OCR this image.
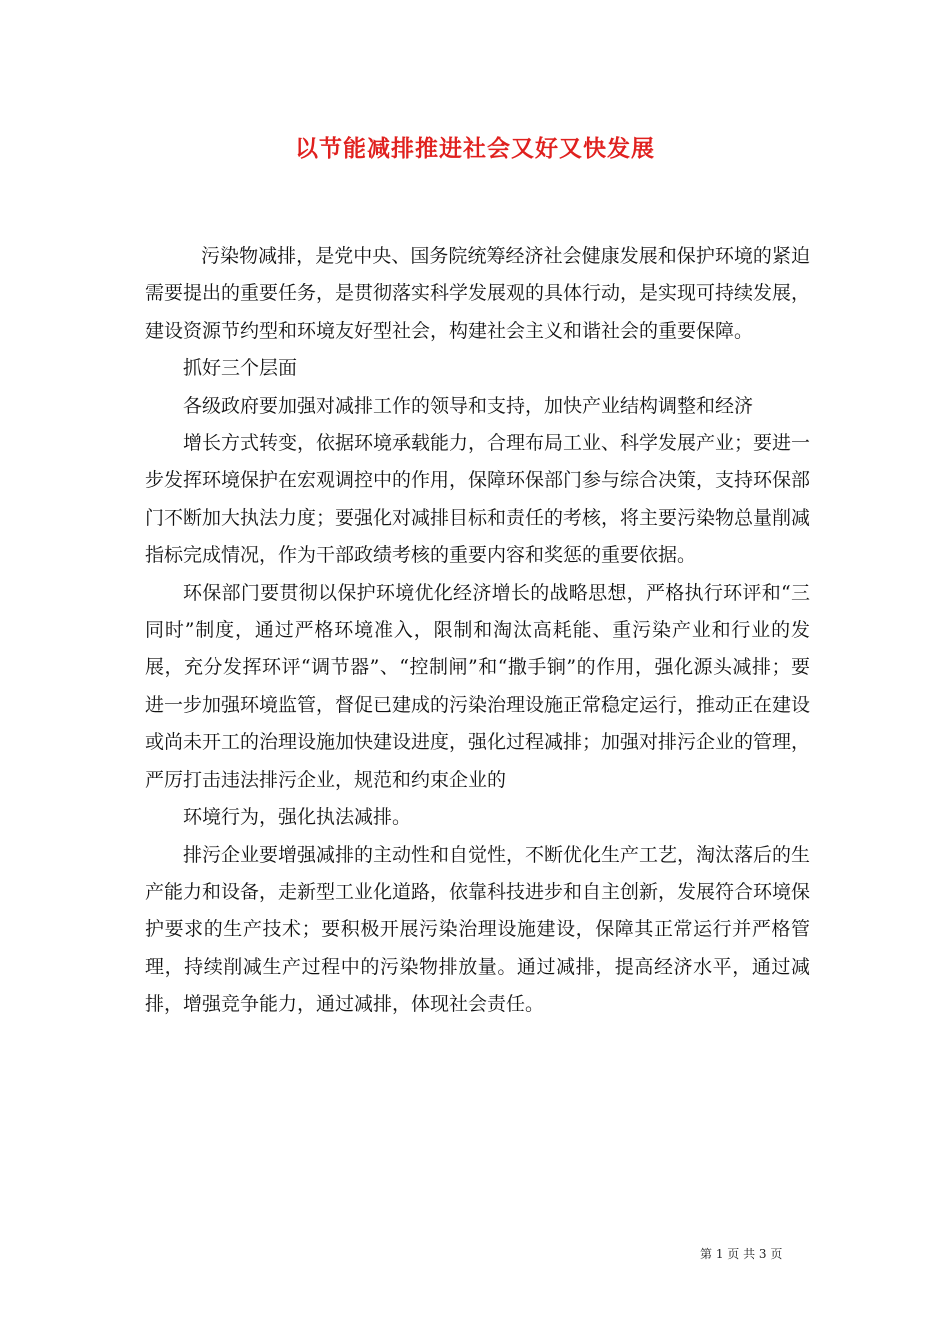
以节能减排推进社会又好又快发展

污染物减排，是党中央、国务院统筹经济社会健康发展和保护环境的紧迫需要提出的重要任务，是贯彻落实科学发展观的具体行动，是实现可持续发展，建设资源节约型和环境友好型社会，构建社会主义和谐社会的重要保障。

抓好三个层面

各级政府要加强对减排工作的领导和支持，加快产业结构调整和经济

增长方式转变，依据环境承载能力，合理布局工业、科学发展产业；要进一步发挥环境保护在宏观调控中的作用，保障环保部门参与综合决策，支持环保部门不断加大执法力度；要强化对减排目标和责任的考核，将主要污染物总量削减指标完成情况，作为干部政绩考核的重要内容和奖惩的重要依据。

环保部门要贯彻以保护环境优化经济增长的战略思想，严格执行环评和“三同时”制度，通过严格环境准入，限制和淘汰高耗能、重污染产业和行业的发展，充分发挥环评“调节器”、“控制闸”和“撒手锏”的作用，强化源头减排；要进一步加强环境监管，督促已建成的污染治理设施正常稳定运行，推动正在建设或尚未开工的治理设施加快建设进度，强化过程减排；加强对排污企业的管理，严厉打击违法排污企业，规范和约束企业的

环境行为，强化执法减排。

排污企业要增强减排的主动性和自觉性，不断优化生产工艺，淘汰落后的生产能力和设备，走新型工业化道路，依靠科技进步和自主创新，发展符合环境保护要求的生产技术；要积极开展污染治理设施建设，保障其正常运行并严格管理，持续削减生产过程中的污染物排放量。通过减排，提高经济水平，通过减排，增强竞争能力，通过减排，体现社会责任。

第 1 页 共 3 页
